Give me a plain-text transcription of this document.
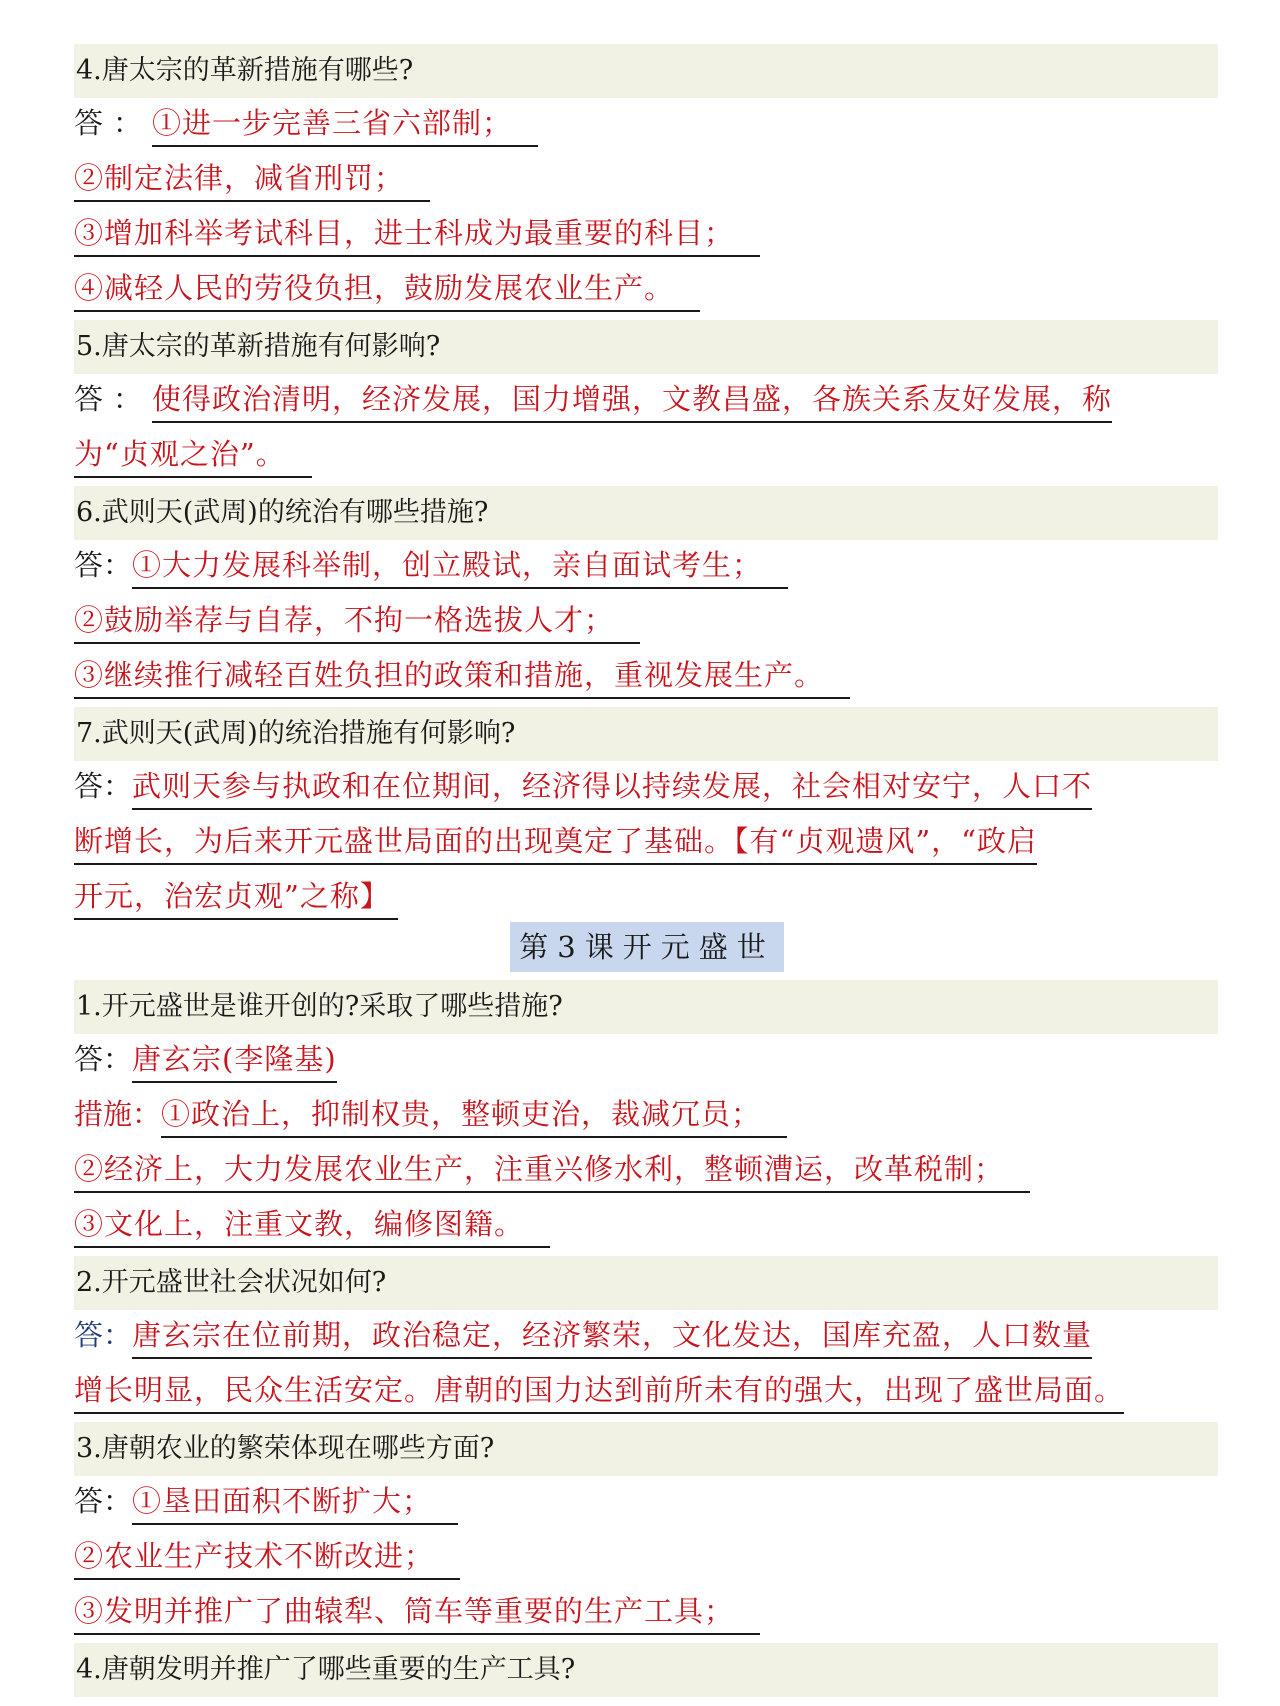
4.唐太宗的革新措施有哪些?
答：①进一步完善三省六部制；
②制定法律，减省刑罚；
③增加科举考试科目，进士科成为最重要的科目；
④减轻人民的劳役负担，鼓励发展农业生产。
5.唐太宗的革新措施有何影响?
答：使得政治清明，经济发展，国力增强，文教昌盛，各族关系友好发展，称
为“贞观之治”。
6.武则天(武周)的统治有哪些措施?
答：①大力发展科举制，创立殿试，亲自面试考生；
②鼓励举荐与自荐，不拘一格选拔人才；
③继续推行减轻百姓负担的政策和措施，重视发展生产。
7.武则天(武周)的统治措施有何影响?
答：武则天参与执政和在位期间，经济得以持续发展，社会相对安宁，人口不
断增长，为后来开元盛世局面的出现奠定了基础。【有“贞观遗风”，“政启
开元，治宏贞观”之称】
第3课开元盛世
1.开元盛世是谁开创的?采取了哪些措施?
答：唐玄宗(李隆基)
措施：①政治上，抑制权贵，整顿吏治，裁减冗员；
②经济上，大力发展农业生产，注重兴修水利，整顿漕运，改革税制；
③文化上，注重文教，编修图籍。
2.开元盛世社会状况如何?
答：唐玄宗在位前期，政治稳定，经济繁荣，文化发达，国库充盈，人口数量
增长明显，民众生活安定。唐朝的国力达到前所未有的强大，出现了盛世局面。
3.唐朝农业的繁荣体现在哪些方面?
答：①垦田面积不断扩大；
②农业生产技术不断改进；
③发明并推广了曲辕犁、筒车等重要的生产工具；
4.唐朝发明并推广了哪些重要的生产工具?
